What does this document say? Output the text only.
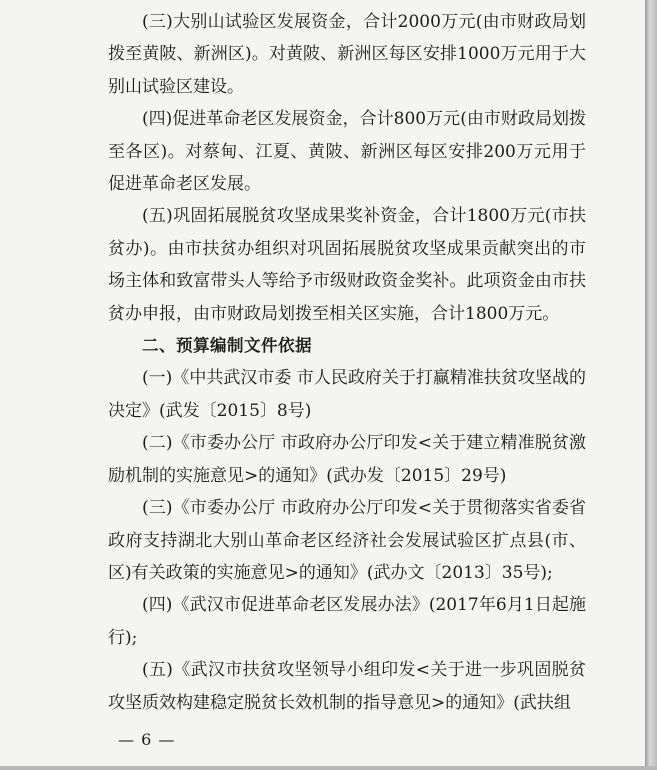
(三)大别山试验区发展资金，合计2000万元(由市财政局划拨至黄陂、新洲区)。对黄陂、新洲区每区安排1000万元用于大别山试验区建设。

(四)促进革命老区发展资金，合计800万元(由市财政局划拨至各区)。对蔡甸、江夏、黄陂、新洲区每区安排200万元用于促进革命老区发展。

(五)巩固拓展脱贫攻坚成果奖补资金，合计1800万元(市扶贫办)。由市扶贫办组织对巩固拓展脱贫攻坚成果贡献突出的市场主体和致富带头人等给予市级财政资金奖补。此项资金由市扶贫办申报，由市财政局划拨至相关区实施，合计1800万元。

二、预算编制文件依据

(一)《中共武汉市委 市人民政府关于打赢精准扶贫攻坚战的决定》(武发〔2015〕8号)

(二)《市委办公厅 市政府办公厅印发<关于建立精准脱贫激励机制的实施意见>的通知》(武办发〔2015〕29号)

(三)《市委办公厅 市政府办公厅印发<关于贯彻落实省委省政府支持湖北大别山革命老区经济社会发展试验区扩点县(市、区)有关政策的实施意见>的通知》(武办文〔2013〕35号);

(四)《武汉市促进革命老区发展办法》(2017年6月1日起施行);

(五)《武汉市扶贫攻坚领导小组印发<关于进一步巩固脱贫攻坚质效构建稳定脱贫长效机制的指导意见>的通知》(武扶组

— 6 —
